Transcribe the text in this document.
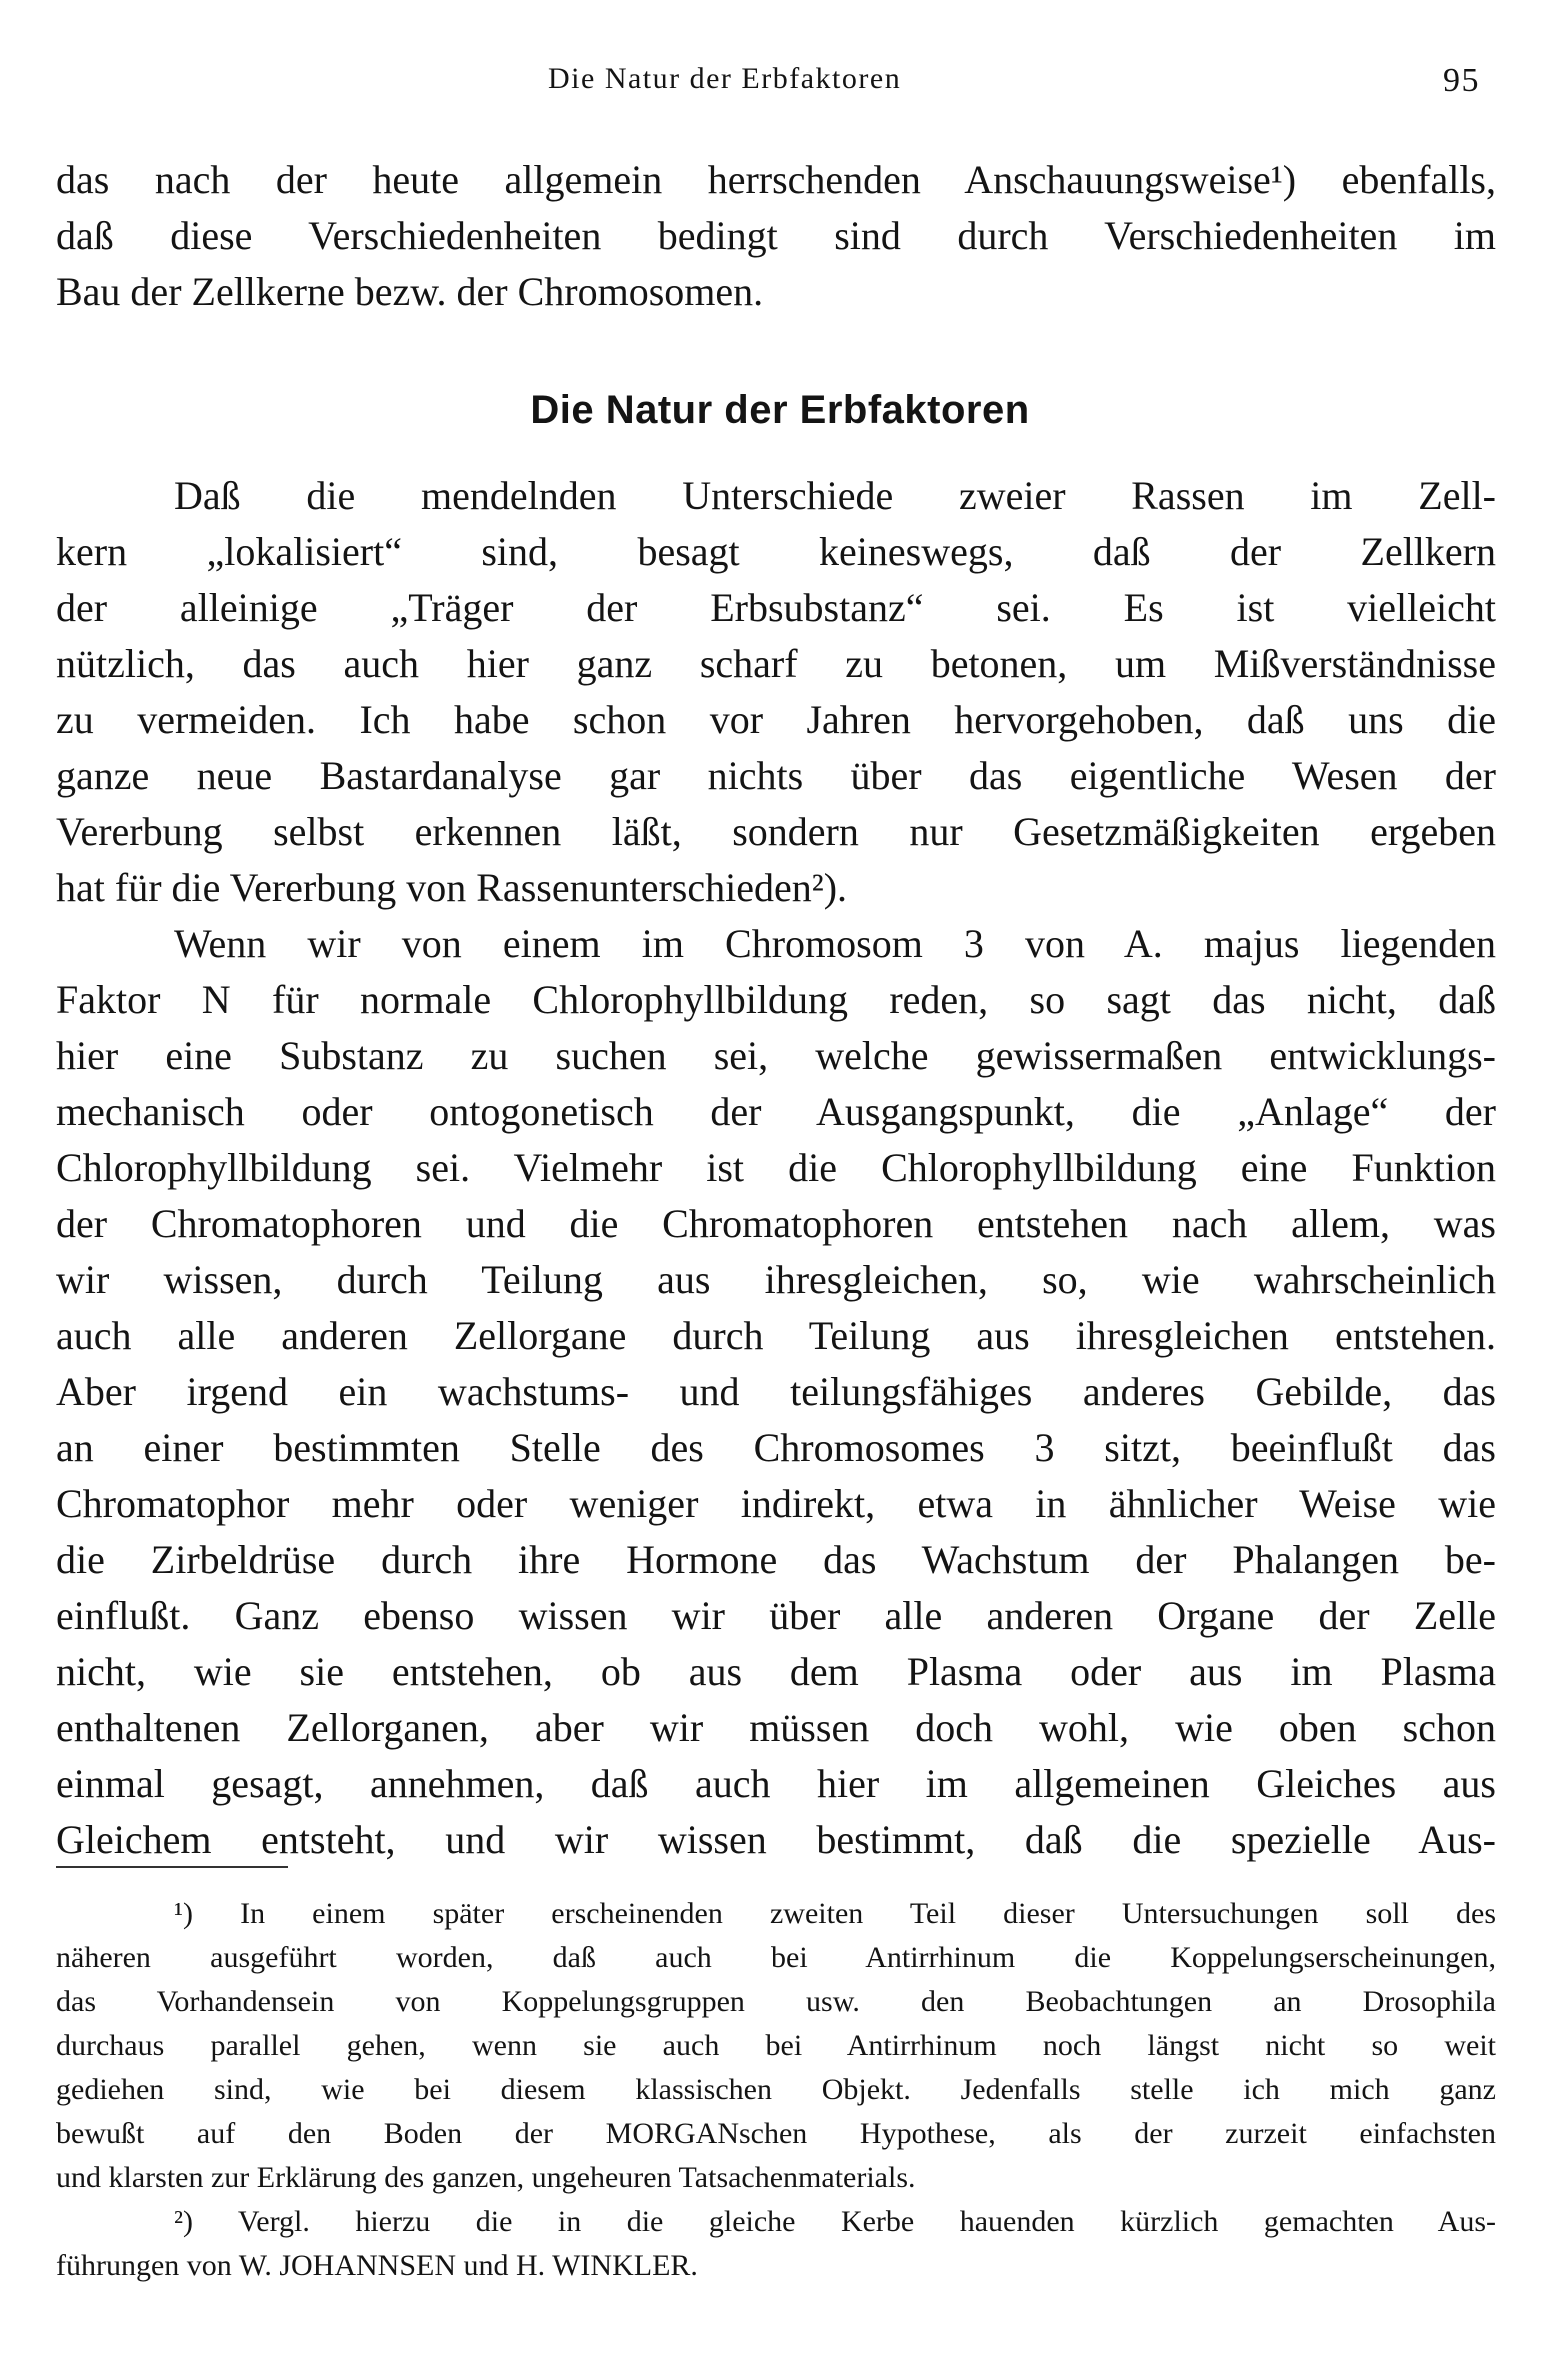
Die Natur der Erbfaktoren	95
das nach der heute allgemein herrschenden Anschauungsweise¹) ebenfalls,
daß diese Verschiedenheiten bedingt sind durch Verschiedenheiten im
Bau der Zellkerne bezw. der Chromosomen.
Die Natur der Erbfaktoren
Daß die mendelnden Unterschiede zweier Rassen im Zell-
kern „lokalisiert“ sind, besagt keineswegs, daß der Zellkern
der alleinige „Träger der Erbsubstanz“ sei. Es ist vielleicht
nützlich, das auch hier ganz scharf zu betonen, um Mißverständnisse
zu vermeiden. Ich habe schon vor Jahren hervorgehoben, daß uns die
ganze neue Bastardanalyse gar nichts über das eigentliche Wesen der
Vererbung selbst erkennen läßt, sondern nur Gesetzmäßigkeiten ergeben
hat für die Vererbung von Rassenunterschieden²).
Wenn wir von einem im Chromosom 3 von A. majus liegenden
Faktor N für normale Chlorophyllbildung reden, so sagt das nicht, daß
hier eine Substanz zu suchen sei, welche gewissermaßen entwicklungs-
mechanisch oder ontogonetisch der Ausgangspunkt, die „Anlage“ der
Chlorophyllbildung sei. Vielmehr ist die Chlorophyllbildung eine Funktion
der Chromatophoren und die Chromatophoren entstehen nach allem, was
wir wissen, durch Teilung aus ihresgleichen, so, wie wahrscheinlich
auch alle anderen Zellorgane durch Teilung aus ihresgleichen entstehen.
Aber irgend ein wachstums- und teilungsfähiges anderes Gebilde, das
an einer bestimmten Stelle des Chromosomes 3 sitzt, beeinflußt das
Chromatophor mehr oder weniger indirekt, etwa in ähnlicher Weise wie
die Zirbeldrüse durch ihre Hormone das Wachstum der Phalangen be-
einflußt. Ganz ebenso wissen wir über alle anderen Organe der Zelle
nicht, wie sie entstehen, ob aus dem Plasma oder aus im Plasma
enthaltenen Zellorganen, aber wir müssen doch wohl, wie oben schon
einmal gesagt, annehmen, daß auch hier im allgemeinen Gleiches aus
Gleichem entsteht, und wir wissen bestimmt, daß die spezielle Aus-
¹) In einem später erscheinenden zweiten Teil dieser Untersuchungen soll des
näheren ausgeführt worden, daß auch bei Antirrhinum die Koppelungserscheinungen,
das Vorhandensein von Koppelungsgruppen usw. den Beobachtungen an Drosophila
durchaus parallel gehen, wenn sie auch bei Antirrhinum noch längst nicht so weit
gediehen sind, wie bei diesem klassischen Objekt. Jedenfalls stelle ich mich ganz
bewußt auf den Boden der MORGANschen Hypothese, als der zurzeit einfachsten
und klarsten zur Erklärung des ganzen, ungeheuren Tatsachenmaterials.
²) Vergl. hierzu die in die gleiche Kerbe hauenden kürzlich gemachten Aus-
führungen von W. JOHANNSEN und H. WINKLER.
